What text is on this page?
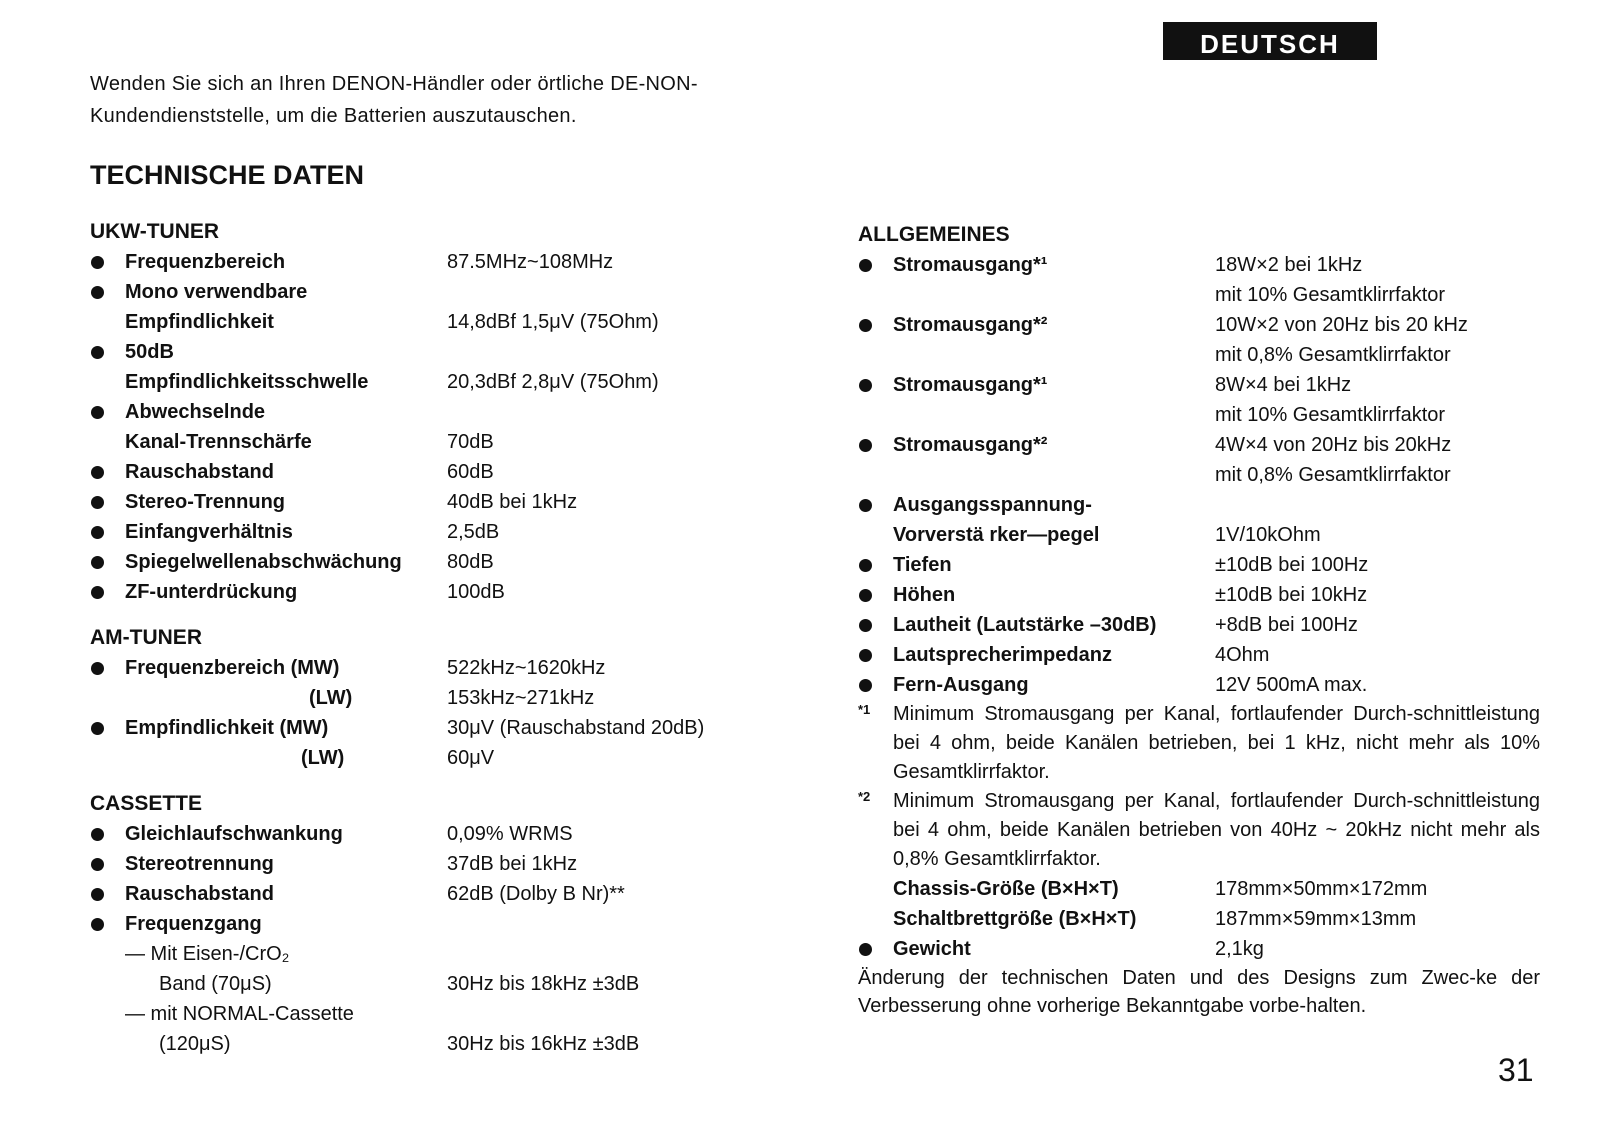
DEUTSCH
Wenden Sie sich an Ihren DENON-Händler oder örtliche DE-NON-Kundendienststelle, um die Batterien auszutauschen.
TECHNISCHE DATEN
UKW-TUNER
Frequenzbereich	87.5MHz~108MHz
Mono verwendbare
Empfindlichkeit	14,8dBf 1,5μV (75Ohm)
50dB
Empfindlichkeitsschwelle	20,3dBf 2,8μV (75Ohm)
Abwechselnde
Kanal-Trennschärfe	70dB
Rauschabstand	60dB
Stereo-Trennung	40dB bei 1kHz
Einfangverhältnis	2,5dB
Spiegelwellenabschwächung	80dB
ZF-unterdrückung	100dB
AM-TUNER
Frequenzbereich (MW)	522kHz~1620kHz
(LW)	153kHz~271kHz
Empfindlichkeit (MW)	30μV (Rauschabstand 20dB)
(LW)	60μV
CASSETTE
Gleichlaufschwankung	0,09% WRMS
Stereotrennung	37dB bei 1kHz
Rauschabstand	62dB (Dolby B Nr)**
Frequenzgang
— Mit Eisen-/CrO₂
Band (70μS)	30Hz bis 18kHz ±3dB
— mit NORMAL-Cassette
(120μS)	30Hz bis 16kHz ±3dB
ALLGEMEINES
Stromausgang*¹	18W×2 bei 1kHz
mit 10% Gesamtklirrfaktor
Stromausgang*²	10W×2 von 20Hz bis 20 kHz
mit 0,8% Gesamtklirrfaktor
Stromausgang*¹	8W×4 bei 1kHz
mit 10% Gesamtklirrfaktor
Stromausgang*²	4W×4 von 20Hz bis 20kHz
mit 0,8% Gesamtklirrfaktor
Ausgangsspannung-
Vorverstä rker—pegel	1V/10kOhm
Tiefen	±10dB bei 100Hz
Höhen	±10dB bei 10kHz
Lautheit (Lautstärke –30dB)	+8dB bei 100Hz
Lautsprecherimpedanz	4Ohm
Fern-Ausgang	12V 500mA max.
*1	Minimum Stromausgang per Kanal, fortlaufender Durch-schnittleistung bei 4 ohm, beide Kanälen betrieben, bei 1 kHz, nicht mehr als 10% Gesamtklirrfaktor.
*2	Minimum Stromausgang per Kanal, fortlaufender Durch-schnittleistung bei 4 ohm, beide Kanälen betrieben von 40Hz ~ 20kHz nicht mehr als 0,8% Gesamtklirrfaktor.
Chassis-Größe (B×H×T)	178mm×50mm×172mm
Schaltbrettgröße (B×H×T)	187mm×59mm×13mm
Gewicht	2,1kg
Änderung der technischen Daten und des Designs zum Zwec-ke der Verbesserung ohne vorherige Bekanntgabe vorbe-halten.
31
